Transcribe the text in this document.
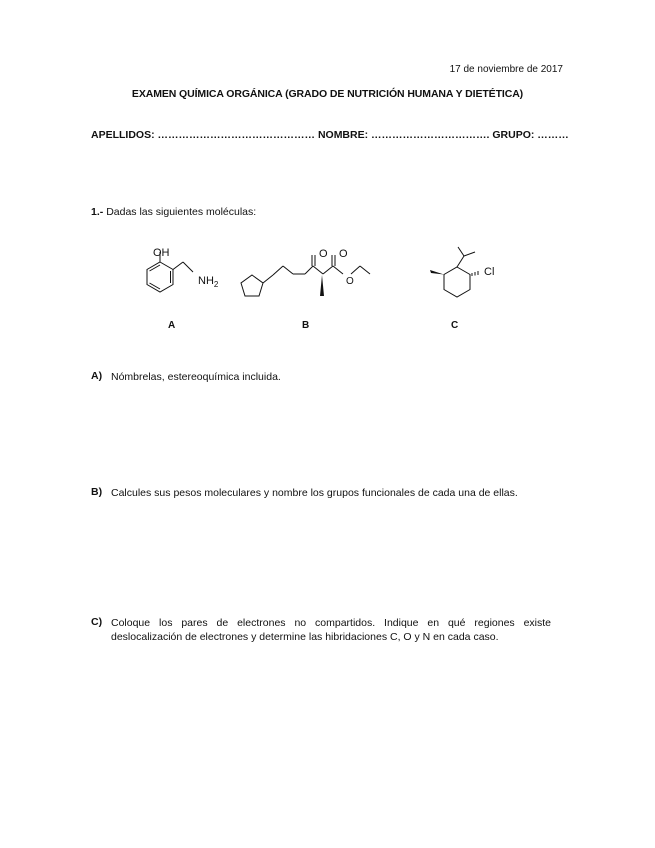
17 de noviembre de 2017
EXAMEN QUÍMICA ORGÁNICA (GRADO DE NUTRICIÓN HUMANA Y DIETÉTICA)
APELLIDOS: ……………………………………… NOMBRE: ……………………………. GRUPO: ………
1.- Dadas las siguientes moléculas:
OH
$NH_2$
O O
O
Cl
A	B	C
A) Nómbrelas, estereoquímica incluida.
B) Calcules sus pesos moleculares y nombre los grupos funcionales de cada una de ellas.
C) Coloque los pares de electrones no compartidos. Indique en qué regiones existe deslocalización de electrones y determine las hibridaciones C, O y N en cada caso.
